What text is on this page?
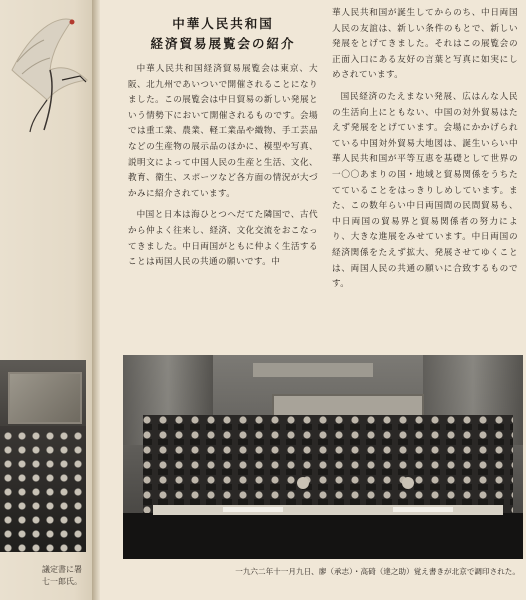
議定書に署
七一郎氏。
中華人民共和国
経済貿易展覧会の紹介

中華人民共和国経済貿易展覧会は東京、大阪、北九州であいついで開催されることになりました。この展覧会は中日貿易の新しい発展という情勢下において開催されるものです。会場では重工業、農業、軽工業品や織物、手工芸品などの生産物の展示品のほかに、模型や写真、説明文によって中国人民の生産と生活、文化、教育、衛生、スポーツなど各方面の情況が大づかみに紹介されています。

中国と日本は海ひとつへだてた隣国で、古代から仲よく往来し、経済、文化交流をおこなってきました。中日両国がともに仲よく生活することは両国人民の共通の願いです。中

華人民共和国が誕生してからのち、中日両国人民の友誼は、新しい条件のもとで、新しい発展をとげてきました。それはこの展覧会の正面入口にある友好の言葉と写真に如実にしめされています。

国民経済のたえまない発展、広はんな人民の生活向上にともない、中国の対外貿易はたえず発展をとげています。会場にかかげられている中国対外貿易大地図は、誕生いらい中華人民共和国が平等互恵を基礎として世界の一〇〇あまりの国・地域と貿易関係をうちたてていることをはっきりしめしています。また、この数年らい中日両国間の民間貿易も、中日両国の貿易界と貿易関係者の努力により、大きな進展をみせています。中日両国の経済関係をたえず拡大、発展させてゆくことは、両国人民の共通の願いに合致するものです。

一九六二年十一月九日、廖（承志）・高碕（達之助）覚え書きが北京で調印された。
